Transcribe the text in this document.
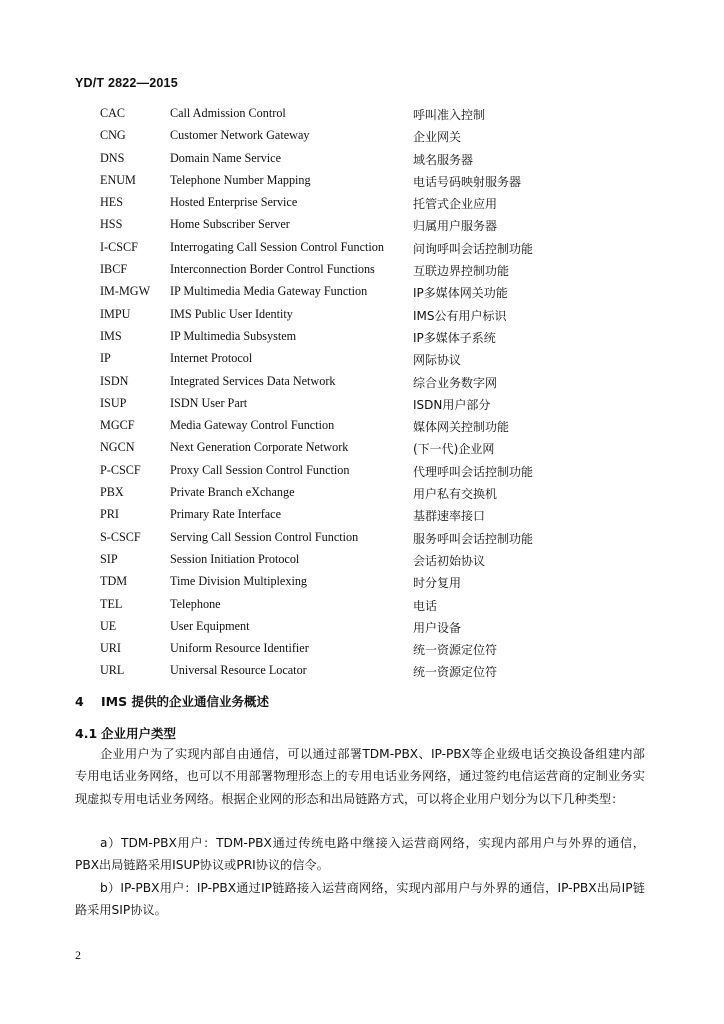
YD/T 2822—2015
CAC	Call Admission Control	呼叫准入控制
CNG	Customer Network Gateway	企业网关
DNS	Domain Name Service	域名服务器
ENUM	Telephone Number Mapping	电话号码映射服务器
HES	Hosted Enterprise Service	托管式企业应用
HSS	Home Subscriber Server	归属用户服务器
I-CSCF	Interrogating Call Session Control Function 问询呼叫会话控制功能
IBCF	Interconnection Border Control Functions	互联边界控制功能
IM-MGW IP Multimedia Media Gateway Function	IP多媒体网关功能
IMPU	IMS Public User Identity	IMS公有用户标识
IMS	IP Multimedia Subsystem	IP多媒体子系统
IP	Internet Protocol	网际协议
ISDN	Integrated Services Data Network	综合业务数字网
ISUP	ISDN User Part	ISDN用户部分
MGCF	Media Gateway Control Function	媒体网关控制功能
NGCN	Next Generation Corporate Network	(下一代)企业网
P-CSCF Proxy Call Session Control Function	代理呼叫会话控制功能
PBX	Private Branch eXchange	用户私有交换机
PRI	Primary Rate Interface	基群速率接口
S-CSCF Serving Call Session Control Function	服务呼叫会话控制功能
SIP	Session Initiation Protocol	会话初始协议
TDM	Time Division Multiplexing	时分复用
TEL	Telephone	电话
UE	User Equipment	用户设备
URI	Uniform Resource Identifier	统一资源定位符
URL	Universal Resource Locator	统一资源定位符
4 IMS 提供的企业通信业务概述
4.1 企业用户类型
企业用户为了实现内部自由通信，可以通过部署TDM-PBX、IP-PBX等企业级电话交换设备组建内部专用电话业务网络，也可以不用部署物理形态上的专用电话业务网络，通过签约电信运营商的定制业务实现虚拟专用电话业务网络。根据企业网的形态和出局链路方式，可以将企业用户划分为以下几种类型：
a）TDM-PBX用户：TDM-PBX通过传统电路中继接入运营商网络，实现内部用户与外界的通信，PBX出局链路采用ISUP协议或PRI协议的信令。
b）IP-PBX用户：IP-PBX通过IP链路接入运营商网络，实现内部用户与外界的通信，IP-PBX出局IP链路采用SIP协议。
2
